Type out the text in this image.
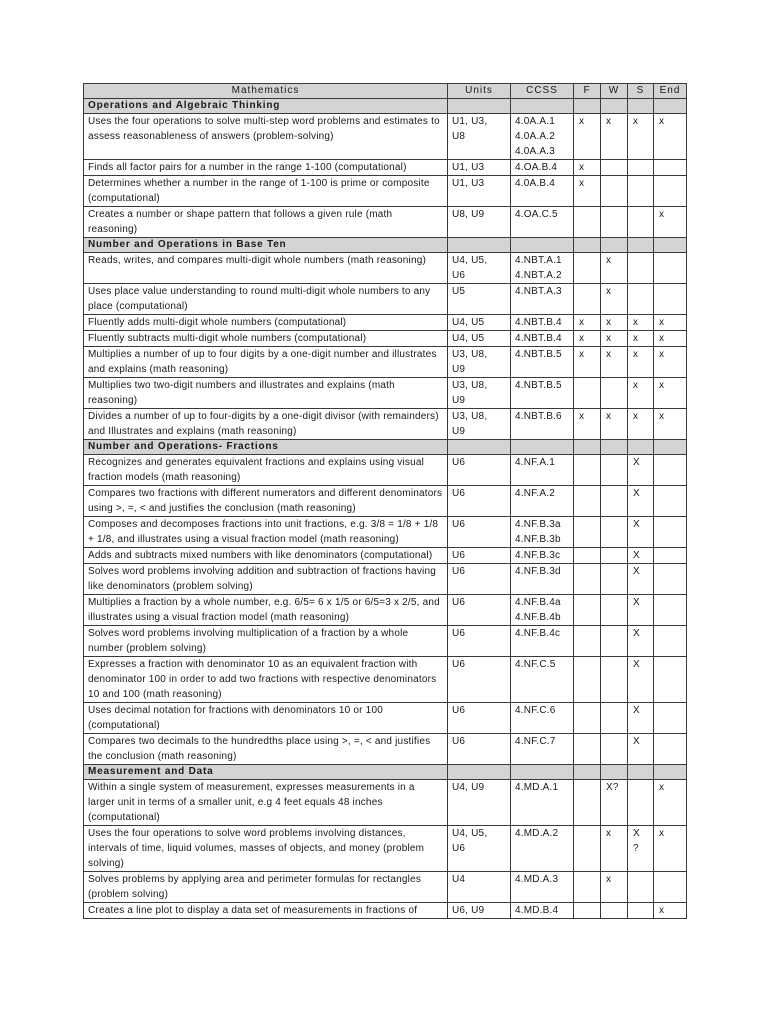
Mathematics	Units	CCSS	F	W	S	End
Operations and Algebraic Thinking						
Uses the four operations to solve multi-step word problems and estimates to assess reasonableness of answers (problem-solving)	U1, U3,
U8	4.0A.A.1
4.0A.A.2
4.0A.A.3	x	x	x	x
Finds all factor pairs for a number in the range 1-100 (computational)	U1, U3	4.OA.B.4	x			
Determines whether a number in the range of 1-100 is prime or composite (computational)	U1, U3	4.0A.B.4	x			
Creates a number or shape pattern that follows a given rule (math reasoning)	U8, U9	4.OA.C.5				x
Number and Operations in Base Ten						
Reads, writes, and compares multi-digit whole numbers (math reasoning)	U4, U5,
U6	4.NBT.A.1
4.NBT.A.2		x		
Uses place value understanding to round multi-digit whole numbers to any place (computational)	U5	4.NBT.A.3		x		
Fluently adds multi-digit whole numbers (computational)	U4, U5	4.NBT.B.4	x	x	x	x
Fluently subtracts multi-digit whole numbers (computational)	U4, U5	4.NBT.B.4	x	x	x	x
Multiplies a number of up to four digits by a one-digit number and illustrates and explains (math reasoning)	U3, U8,
U9	4.NBT.B.5	x	x	x	x
Multiplies two two-digit numbers and illustrates and explains (math reasoning)	U3, U8,
U9	4.NBT.B.5			x	x
Divides a number of up to four-digits by a one-digit divisor (with remainders) and Illustrates and explains (math reasoning)	U3, U8,
U9	4.NBT.B.6	x	x	x	x
Number and Operations- Fractions						
Recognizes and generates equivalent fractions and explains using visual fraction models (math reasoning)	U6	4.NF.A.1			X	
Compares two fractions with different numerators and different denominators using >, =, < and justifies the conclusion (math reasoning)	U6	4.NF.A.2			X	
Composes and decomposes fractions into unit fractions, e.g. 3/8 = 1/8 + 1/8 + 1/8, and illustrates using a visual fraction model (math reasoning)	U6	4.NF.B.3a
4.NF.B.3b			X	
Adds and subtracts mixed numbers with like denominators (computational)	U6	4.NF.B.3c			X	
Solves word problems involving addition and subtraction of fractions having like denominators (problem solving)	U6	4.NF.B.3d			X	
Multiplies a fraction by a whole number, e.g. 6/5= 6 x 1/5 or 6/5=3 x 2/5, and illustrates using a visual fraction model (math reasoning)	U6	4.NF.B.4a
4.NF.B.4b			X	
Solves word problems involving multiplication of a fraction by a whole number (problem solving)	U6	4.NF.B.4c			X	
Expresses a fraction with denominator 10 as an equivalent fraction with denominator 100 in order to add two fractions with respective denominators 10 and 100 (math reasoning)	U6	4.NF.C.5			X	
Uses decimal notation for fractions with denominators 10 or 100 (computational)	U6	4.NF.C.6			X	
Compares two decimals to the hundredths place using >, =, < and justifies the conclusion (math reasoning)	U6	4.NF.C.7			X	
Measurement and Data						
Within a single system of measurement, expresses measurements in a larger unit in terms of a smaller unit, e.g 4 feet equals 48 inches (computational)	U4, U9	4.MD.A.1		X?		x
Uses the four operations to solve word problems involving distances, intervals of time, liquid volumes, masses of objects, and money (problem solving)	U4, U5,
U6	4.MD.A.2		x	X
?	x
Solves problems by applying area and perimeter formulas for rectangles (problem solving)	U4	4.MD.A.3		x		
Creates a line plot to display a data set of measurements in fractions of	U6, U9	4.MD.B.4				x
